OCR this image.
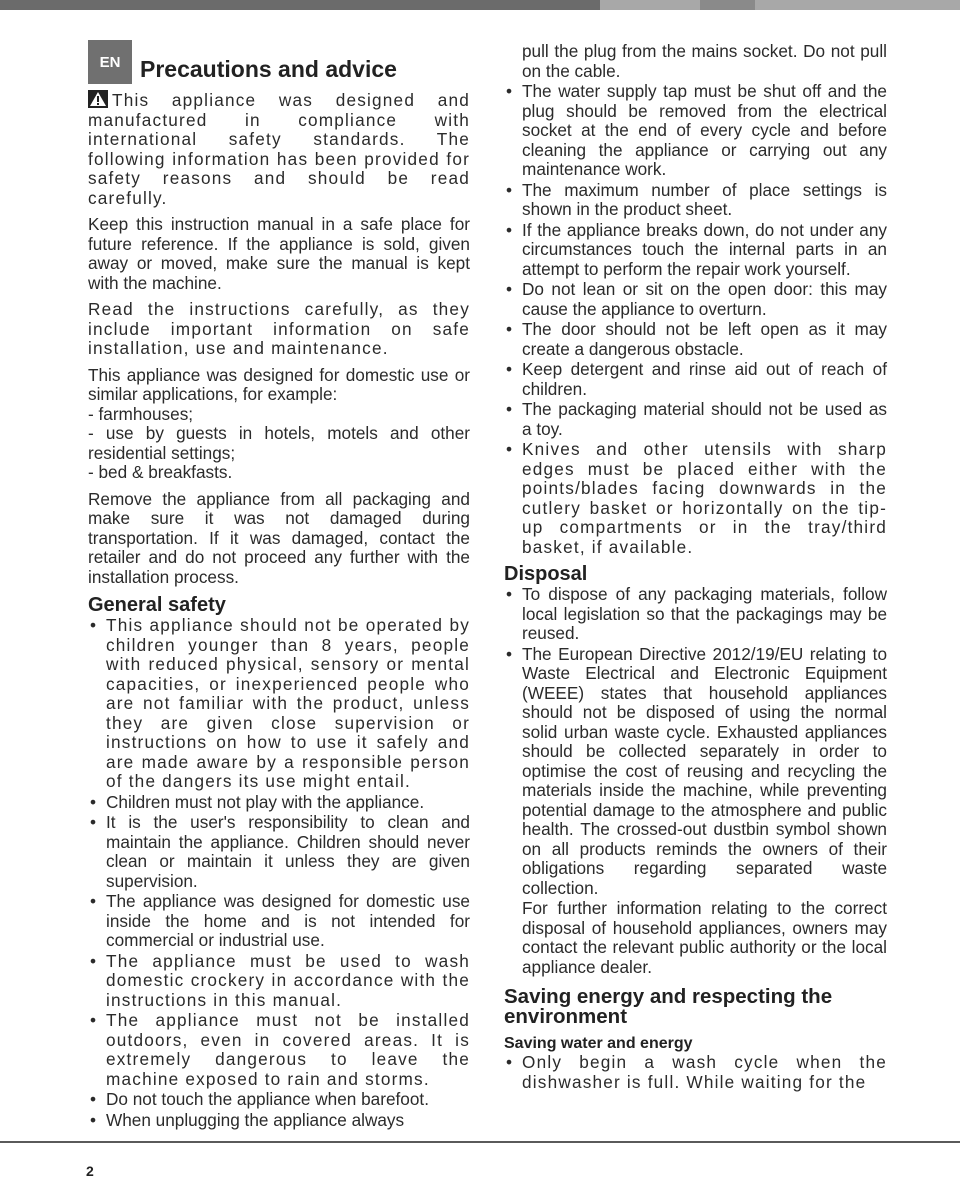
EN Precautions and advice

This appliance was designed and manufactured in compliance with international safety standards. The following information has been provided for safety reasons and should be read carefully.

Keep this instruction manual in a safe place for future reference. If the appliance is sold, given away or moved, make sure the manual is kept with the machine.

Read the instructions carefully, as they include important information on safe installation, use and maintenance.

This appliance was designed for domestic use or similar applications, for example:
- farmhouses;
- use by guests in hotels, motels and other residential settings;
- bed & breakfasts.

Remove the appliance from all packaging and make sure it was not damaged during transportation. If it was damaged, contact the retailer and do not proceed any further with the installation process.

General safety
• This appliance should not be operated by children younger than 8 years, people with reduced physical, sensory or mental capacities, or inexperienced people who are not familiar with the product, unless they are given close supervision or instructions on how to use it safely and are made aware by a responsible person of the dangers its use might entail.
• Children must not play with the appliance.
• It is the user's responsibility to clean and maintain the appliance. Children should never clean or maintain it unless they are given supervision.
• The appliance was designed for domestic use inside the home and is not intended for commercial or industrial use.
• The appliance must be used to wash domestic crockery in accordance with the instructions in this manual.
• The appliance must not be installed outdoors, even in covered areas. It is extremely dangerous to leave the machine exposed to rain and storms.
• Do not touch the appliance when barefoot.
• When unplugging the appliance always

pull the plug from the mains socket. Do not pull on the cable.

• The water supply tap must be shut off and the plug should be removed from the electrical socket at the end of every cycle and before cleaning the appliance or carrying out any maintenance work.
• The maximum number of place settings is shown in the product sheet.
• If the appliance breaks down, do not under any circumstances touch the internal parts in an attempt to perform the repair work yourself.
• Do not lean or sit on the open door: this may cause the appliance to overturn.
• The door should not be left open as it may create a dangerous obstacle.
• Keep detergent and rinse aid out of reach of children.
• The packaging material should not be used as a toy.
• Knives and other utensils with sharp edges must be placed either with the points/blades facing downwards in the cutlery basket or horizontally on the tip-up compartments or in the tray/third basket, if available.
Disposal
• To dispose of any packaging materials, follow local legislation so that the packagings may be reused.
• The European Directive 2012/19/EU relating to Waste Electrical and Electronic Equipment (WEEE) states that household appliances should not be disposed of using the normal solid urban waste cycle. Exhausted appliances should be collected separately in order to optimise the cost of reusing and recycling the materials inside the machine, while preventing potential damage to the atmosphere and public health. The crossed-out dustbin symbol shown on all products reminds the owners of their obligations regarding separated waste collection.

For further information relating to the correct disposal of household appliances, owners may contact the relevant public authority or the local appliance dealer.

Saving energy and respecting the environment
Saving water and energy
• Only begin a wash cycle when the dishwasher is full. While waiting for the
2
